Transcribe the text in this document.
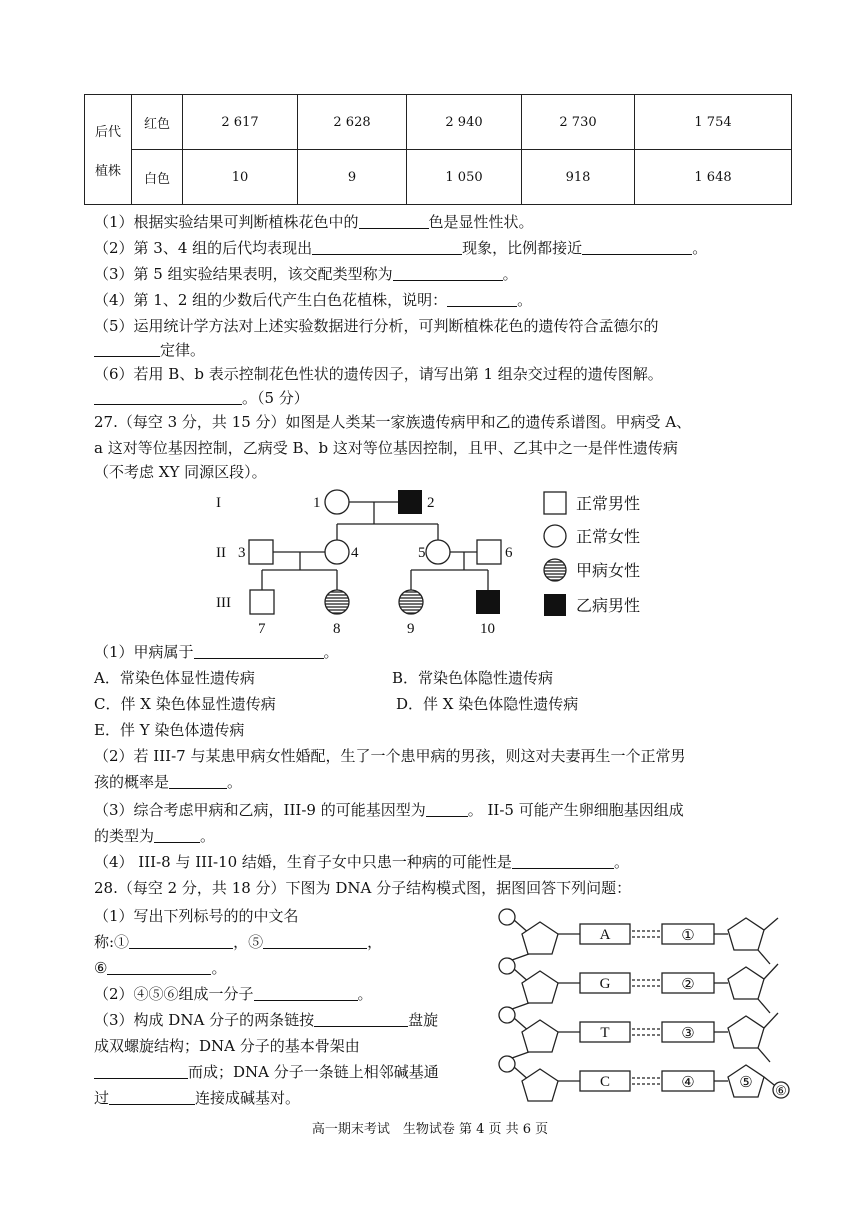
后代
植株	红色	2 617	2 628	2 940	2 730	1 754
	白色	10	9	1 050	918	1 648
（1）根据实验结果可判断植株花色中的	色是显性性状。
（2）第 3、4 组的后代均表现出	现象，比例都接近	。
（3）第 5 组实验结果表明，该交配类型称为	。
（4）第 1、2 组的少数后代产生白色花植株，说明：	。
（5）运用统计学方法对上述实验数据进行分析，可判断植株花色的遗传符合孟德尔的
定律。
（6）若用 B、b 表示控制花色性状的遗传因子，请写出第 1 组杂交过程的遗传图解。
。（5 分）
27.（每空 3 分，共 15 分）如图是人类某一家族遗传病甲和乙的遗传系谱图。甲病受 A、
a 这对等位基因控制，乙病受 B、b 这对等位基因控制，且甲、乙其中之一是伴性遗传病
（不考虑 XY 同源区段）。
I
II
III
1	2
3	4	5	6
7	8	9	10
正常男性
正常女性
甲病女性
乙病男性
（1）甲病属于	。
A．常染色体显性遗传病	B．常染色体隐性遗传病
C．伴 X 染色体显性遗传病	D．伴 X 染色体隐性遗传病
E．伴 Y 染色体遗传病
（2）若 III-7 与某患甲病女性婚配，生了一个患甲病的男孩，则这对夫妻再生一个正常男
孩的概率是	。
（3）综合考虑甲病和乙病，III-9 的可能基因型为	。 II-5 可能产生卵细胞基因组成
的类型为	。
（4） III-8 与 III-10 结婚，生育子女中只患一种病的可能性是	。
28.（每空 2 分，共 18 分）下图为 DNA 分子结构模式图，据图回答下列问题：
（1）写出下列标号的的中文名
称:①	，⑤	，
⑥	。
（2）④⑤⑥组成一分子	。
（3）构成 DNA 分子的两条链按	盘旋
成双螺旋结构；DNA 分子的基本骨架由
而成；DNA 分子一条链上相邻碱基通
过	连接成碱基对。
A
G
T
C
①
②
③
④	⑤ ⑥
高一期末考试　生物试卷 第 4 页 共 6 页
